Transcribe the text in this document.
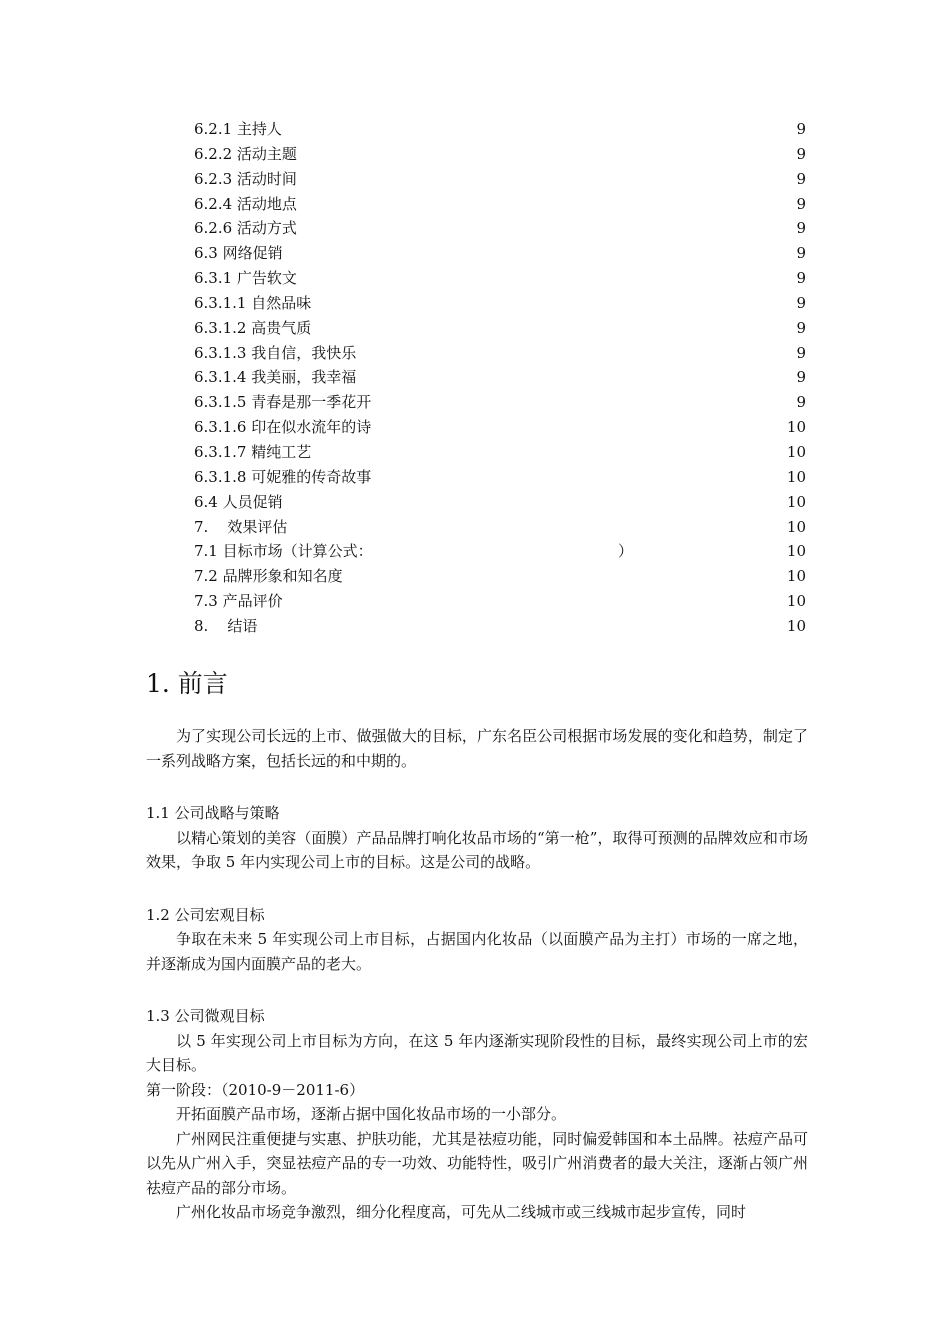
6.2.1 主持人	9
6.2.2 活动主题	9
6.2.3 活动时间	9
6.2.4 活动地点	9
6.2.6 活动方式	9
6.3 网络促销	9
6.3.1 广告软文	9
6.3.1.1 自然品味	9
6.3.1.2 高贵气质	9
6.3.1.3 我自信，我快乐	9
6.3.1.4 我美丽，我幸福	9
6.3.1.5 青春是那一季花开	9
6.3.1.6 印在似水流年的诗	10
6.3.1.7 精纯工艺	10
6.3.1.8 可妮雅的传奇故事	10
6.4 人员促销	10
7.    效果评估	10
7.1 目标市场（计算公式：	）	10
7.2 品牌形象和知名度	10
7.3 产品评价	10
8.    结语	10
1. 前言

为了实现公司长远的上市、做强做大的目标，广东名臣公司根据市场发展的变化和趋势，制定了一系列战略方案，包括长远的和中期的。

1.1 公司战略与策略

以精心策划的美容（面膜）产品品牌打响化妆品市场的“第一枪”，取得可预测的品牌效应和市场效果，争取 5 年内实现公司上市的目标。这是公司的战略。

1.2 公司宏观目标

争取在未来 5 年实现公司上市目标，占据国内化妆品（以面膜产品为主打）市场的一席之地，并逐渐成为国内面膜产品的老大。

1.3 公司微观目标

以 5 年实现公司上市目标为方向，在这 5 年内逐渐实现阶段性的目标，最终实现公司上市的宏大目标。

第一阶段：（2010-9－2011-6）

开拓面膜产品市场，逐渐占据中国化妆品市场的一小部分。

广州网民注重便捷与实惠、护肤功能，尤其是祛痘功能，同时偏爱韩国和本土品牌。祛痘产品可以先从广州入手，突显祛痘产品的专一功效、功能特性，吸引广州消费者的最大关注，逐渐占领广州祛痘产品的部分市场。

广州化妆品市场竞争激烈，细分化程度高，可先从二线城市或三线城市起步宣传，同时
